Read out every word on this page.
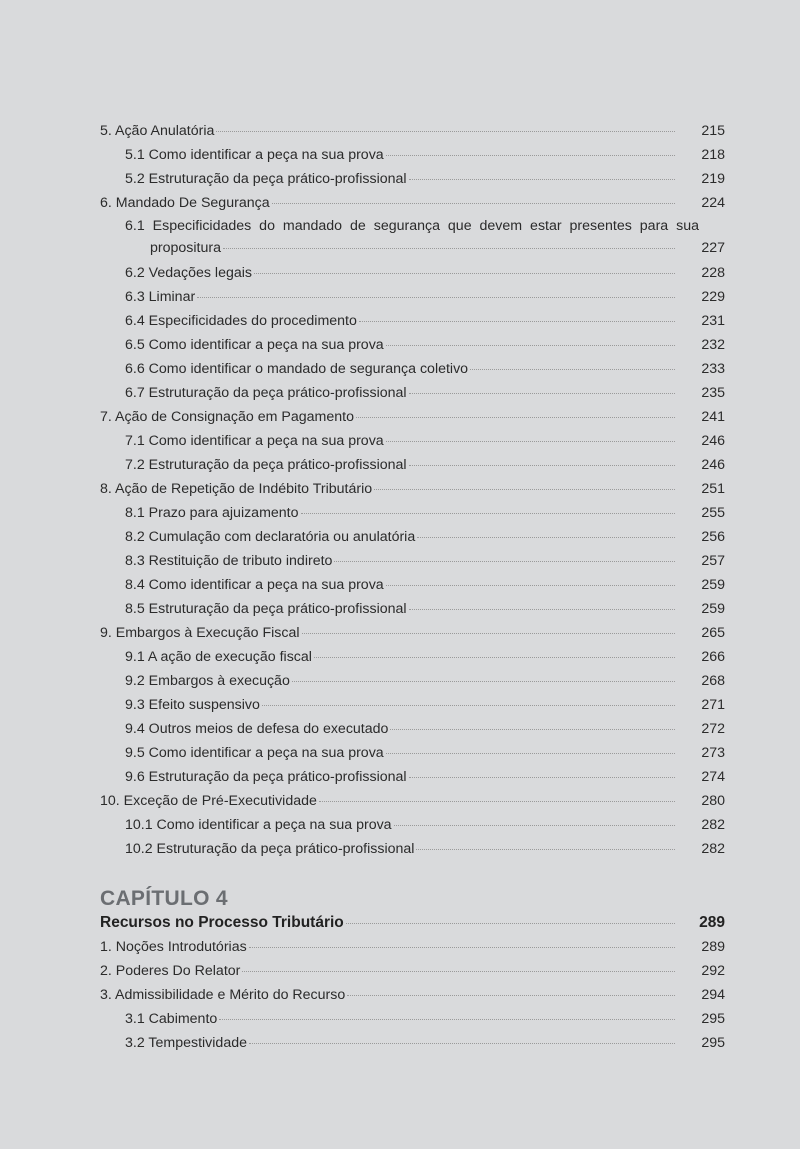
5. Ação Anulatória	215
5.1 Como identificar a peça na sua prova	218
5.2 Estruturação da peça prático-profissional	219
6. Mandado De Segurança	224
6.1 Especificidades do mandado de segurança que devem estar presentes para sua
propositura	227
6.2 Vedações legais	228
6.3 Liminar	229
6.4 Especificidades do procedimento	231
6.5 Como identificar a peça na sua prova	232
6.6 Como identificar o mandado de segurança coletivo	233
6.7 Estruturação da peça prático-profissional	235
7. Ação de Consignação em Pagamento	241
7.1 Como identificar a peça na sua prova	246
7.2 Estruturação da peça prático-profissional	246
8. Ação de Repetição de Indébito Tributário	251
8.1 Prazo para ajuizamento	255
8.2 Cumulação com declaratória ou anulatória	256
8.3 Restituição de tributo indireto	257
8.4 Como identificar a peça na sua prova	259
8.5 Estruturação da peça prático-profissional	259
9. Embargos à Execução Fiscal	265
9.1 A ação de execução fiscal	266
9.2 Embargos à execução	268
9.3 Efeito suspensivo	271
9.4 Outros meios de defesa do executado	272
9.5 Como identificar a peça na sua prova	273
9.6 Estruturação da peça prático-profissional	274
10. Exceção de Pré-Executividade	280
10.1 Como identificar a peça na sua prova	282
10.2 Estruturação da peça prático-profissional	282
CAPÍTULO 4
Recursos no Processo Tributário	289
1. Noções Introdutórias	289
2. Poderes Do Relator	292
3. Admissibilidade e Mérito do Recurso	294
3.1 Cabimento	295
3.2 Tempestividade	295
